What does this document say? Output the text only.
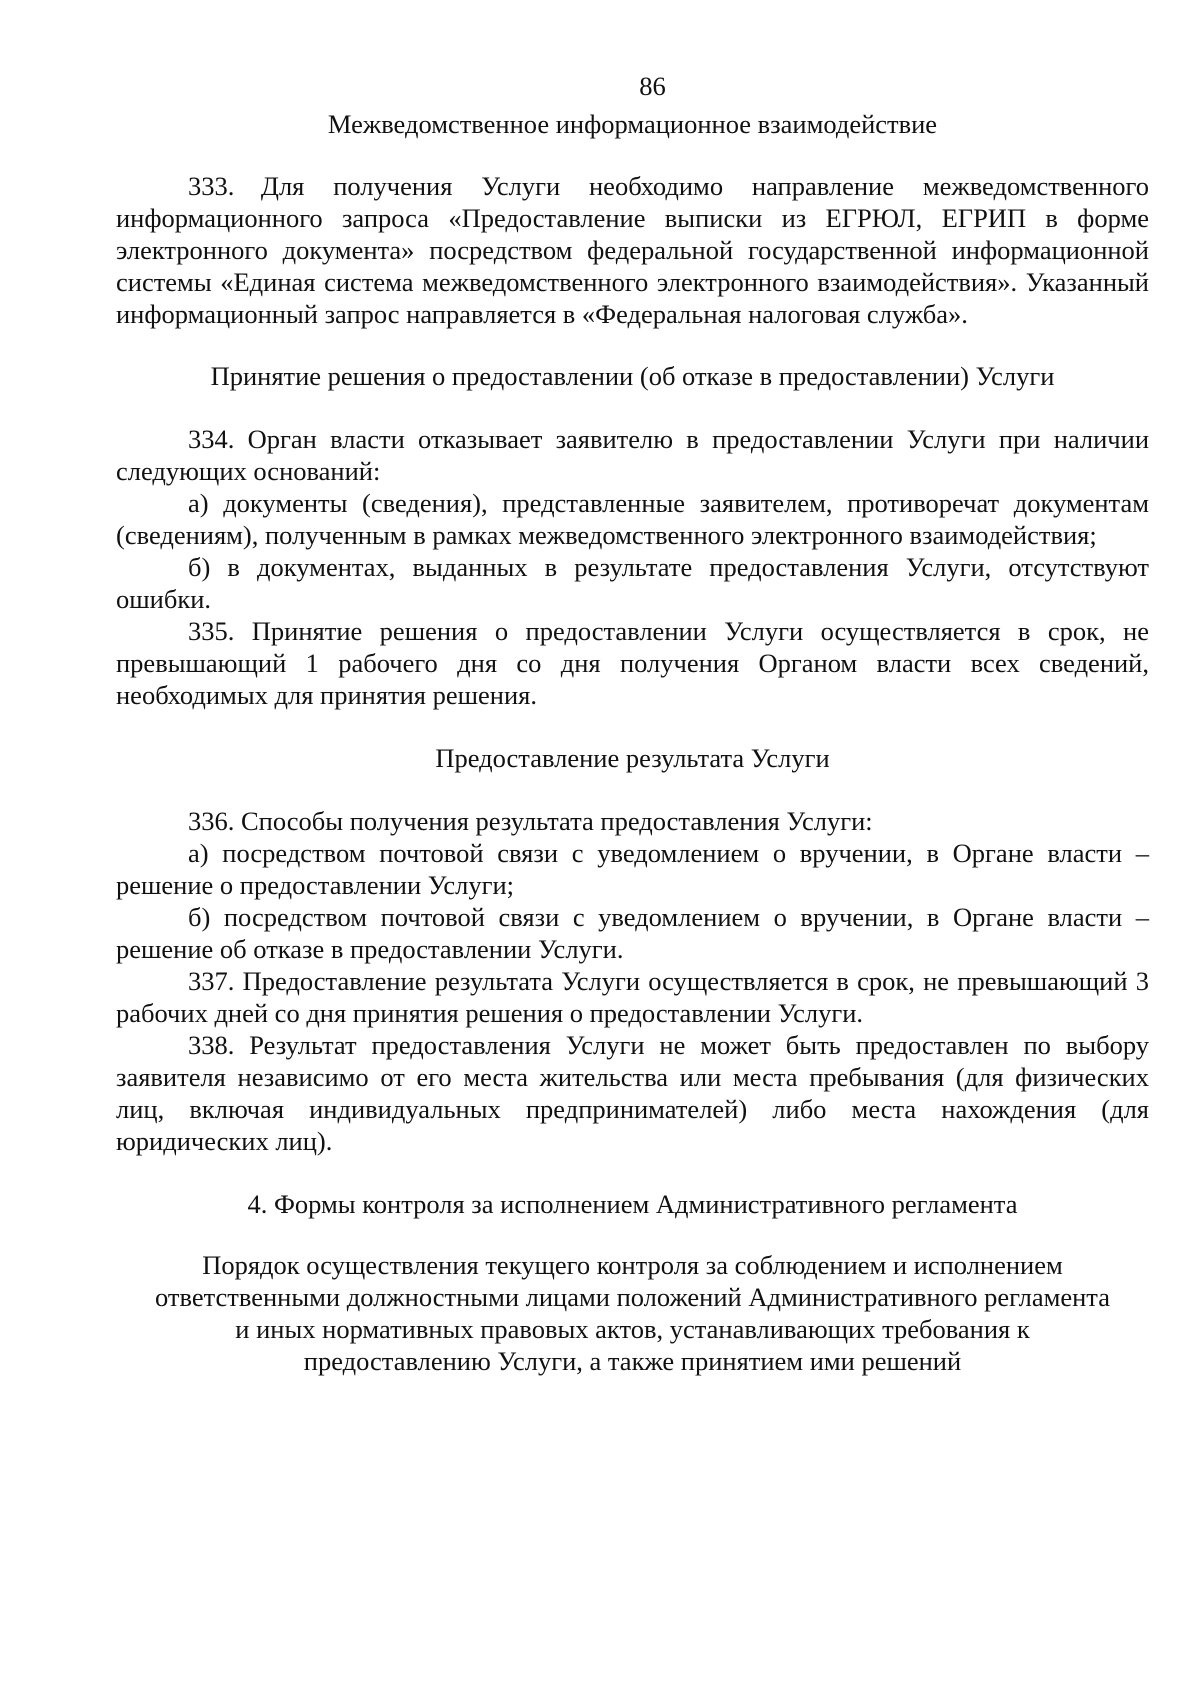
86
Межведомственное информационное взаимодействие

333. Для получения Услуги необходимо направление межведомственного информационного запроса «Предоставление выписки из ЕГРЮЛ, ЕГРИП в форме электронного документа» посредством федеральной государственной информационной системы «Единая система межведомственного электронного взаимодействия». Указанный информационный запрос направляется в «Федеральная налоговая служба».

Принятие решения о предоставлении (об отказе в предоставлении) Услуги

334. Орган власти отказывает заявителю в предоставлении Услуги при наличии следующих оснований:

а) документы (сведения), представленные заявителем, противоречат документам (сведениям), полученным в рамках межведомственного электронного взаимодействия;

б) в документах, выданных в результате предоставления Услуги, отсутствуют ошибки.

335. Принятие решения о предоставлении Услуги осуществляется в срок, не превышающий 1 рабочего дня со дня получения Органом власти всех сведений, необходимых для принятия решения.

Предоставление результата Услуги

336. Способы получения результата предоставления Услуги:

а) посредством почтовой связи с уведомлением о вручении, в Органе власти – решение о предоставлении Услуги;

б) посредством почтовой связи с уведомлением о вручении, в Органе власти – решение об отказе в предоставлении Услуги.

337. Предоставление результата Услуги осуществляется в срок, не превышающий 3 рабочих дней со дня принятия решения о предоставлении Услуги.

338. Результат предоставления Услуги не может быть предоставлен по выбору заявителя независимо от его места жительства или места пребывания (для физических лиц, включая индивидуальных предпринимателей) либо места нахождения (для юридических лиц).

4. Формы контроля за исполнением Административного регламента
Порядок осуществления текущего контроля за соблюдением и исполнением
ответственными должностными лицами положений Административного регламента
и иных нормативных правовых актов, устанавливающих требования к
предоставлению Услуги, а также принятием ими решений
